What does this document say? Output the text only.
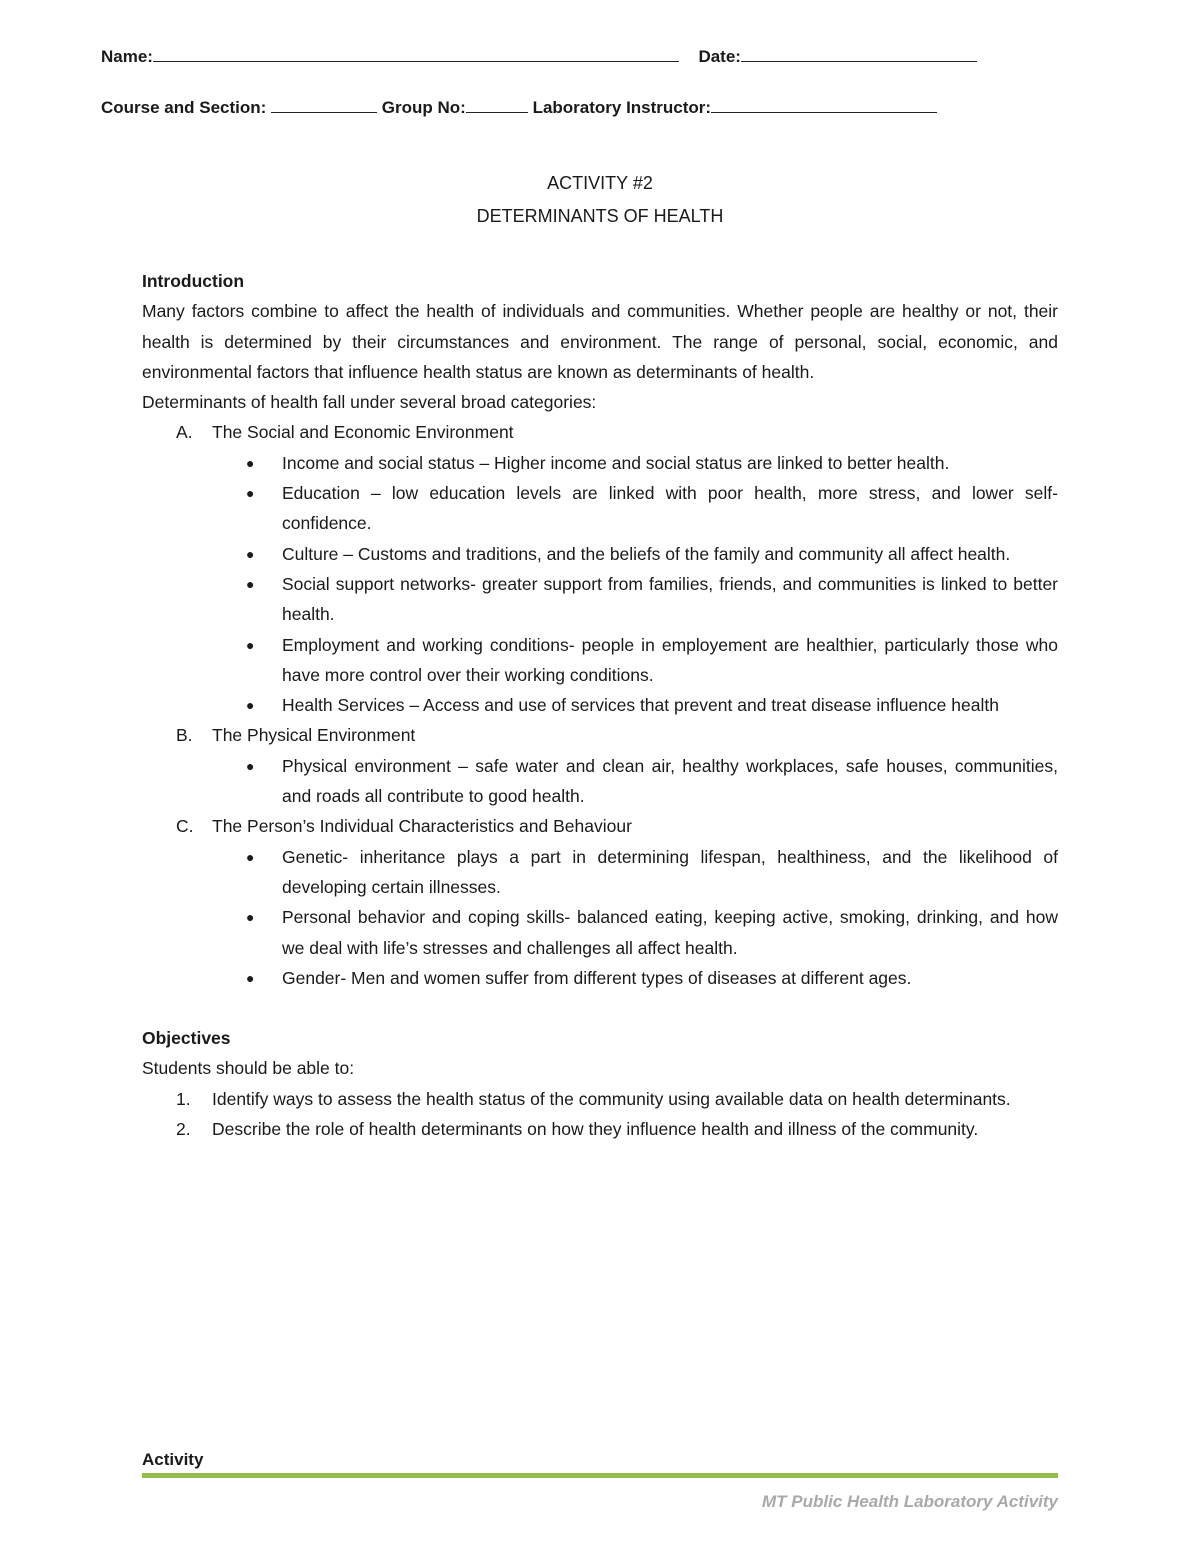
Name:	Date:
Course and Section:	Group No:	Laboratory Instructor:
ACTIVITY #2
DETERMINANTS OF HEALTH
Introduction
Many factors combine to affect the health of individuals and communities. Whether people are healthy or not, their health is determined by their circumstances and environment. The range of personal, social, economic, and environmental factors that influence health status are known as determinants of health.
Determinants of health fall under several broad categories:
A. The Social and Economic Environment
● Income and social status – Higher income and social status are linked to better health.
● Education – low education levels are linked with poor health, more stress, and lower self-confidence.
● Culture – Customs and traditions, and the beliefs of the family and community all affect health.
● Social support networks- greater support from families, friends, and communities is linked to better health.
● Employment and working conditions- people in employement are healthier, particularly those who have more control over their working conditions.
● Health Services – Access and use of services that prevent and treat disease influence health
B. The Physical Environment
● Physical environment – safe water and clean air, healthy workplaces, safe houses, communities, and roads all contribute to good health.
C. The Person’s Individual Characteristics and Behaviour
● Genetic- inheritance plays a part in determining lifespan, healthiness, and the likelihood of developing certain illnesses.
● Personal behavior and coping skills- balanced eating, keeping active, smoking, drinking, and how we deal with life’s stresses and challenges all affect health.
● Gender- Men and women suffer from different types of diseases at different ages.
Objectives
Students should be able to:
1. Identify ways to assess the health status of the community using available data on health determinants.
2. Describe the role of health determinants on how they influence health and illness of the community.
Activity
MT Public Health Laboratory Activity
